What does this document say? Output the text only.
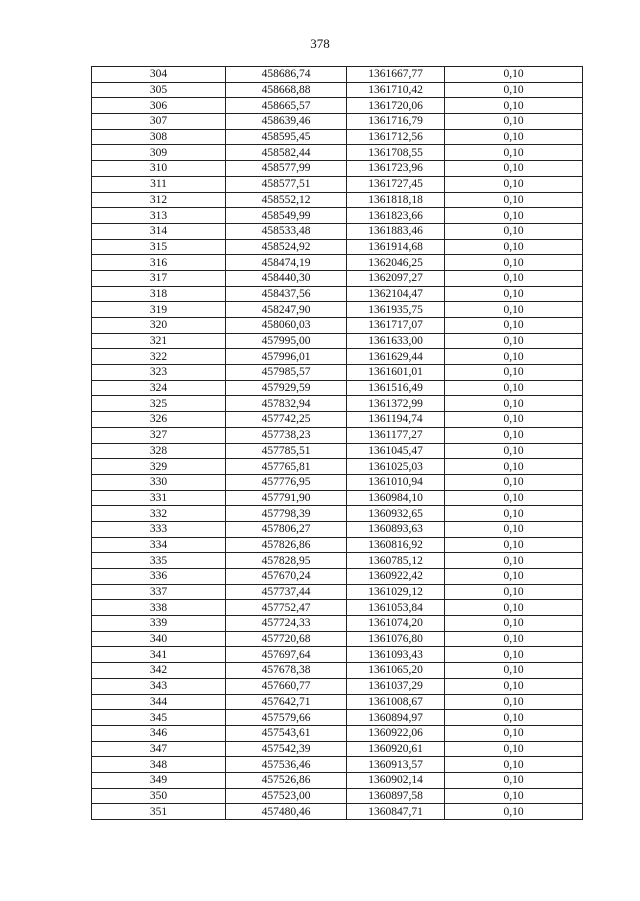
378
304	458686,74	1361667,77	0,10
305	458668,88	1361710,42	0,10
306	458665,57	1361720,06	0,10
307	458639,46	1361716,79	0,10
308	458595,45	1361712,56	0,10
309	458582,44	1361708,55	0,10
310	458577,99	1361723,96	0,10
311	458577,51	1361727,45	0,10
312	458552,12	1361818,18	0,10
313	458549,99	1361823,66	0,10
314	458533,48	1361883,46	0,10
315	458524,92	1361914,68	0,10
316	458474,19	1362046,25	0,10
317	458440,30	1362097,27	0,10
318	458437,56	1362104,47	0,10
319	458247,90	1361935,75	0,10
320	458060,03	1361717,07	0,10
321	457995,00	1361633,00	0,10
322	457996,01	1361629,44	0,10
323	457985,57	1361601,01	0,10
324	457929,59	1361516,49	0,10
325	457832,94	1361372,99	0,10
326	457742,25	1361194,74	0,10
327	457738,23	1361177,27	0,10
328	457785,51	1361045,47	0,10
329	457765,81	1361025,03	0,10
330	457776,95	1361010,94	0,10
331	457791,90	1360984,10	0,10
332	457798,39	1360932,65	0,10
333	457806,27	1360893,63	0,10
334	457826,86	1360816,92	0,10
335	457828,95	1360785,12	0,10
336	457670,24	1360922,42	0,10
337	457737,44	1361029,12	0,10
338	457752,47	1361053,84	0,10
339	457724,33	1361074,20	0,10
340	457720,68	1361076,80	0,10
341	457697,64	1361093,43	0,10
342	457678,38	1361065,20	0,10
343	457660,77	1361037,29	0,10
344	457642,71	1361008,67	0,10
345	457579,66	1360894,97	0,10
346	457543,61	1360922,06	0,10
347	457542,39	1360920,61	0,10
348	457536,46	1360913,57	0,10
349	457526,86	1360902,14	0,10
350	457523,00	1360897,58	0,10
351	457480,46	1360847,71	0,10
